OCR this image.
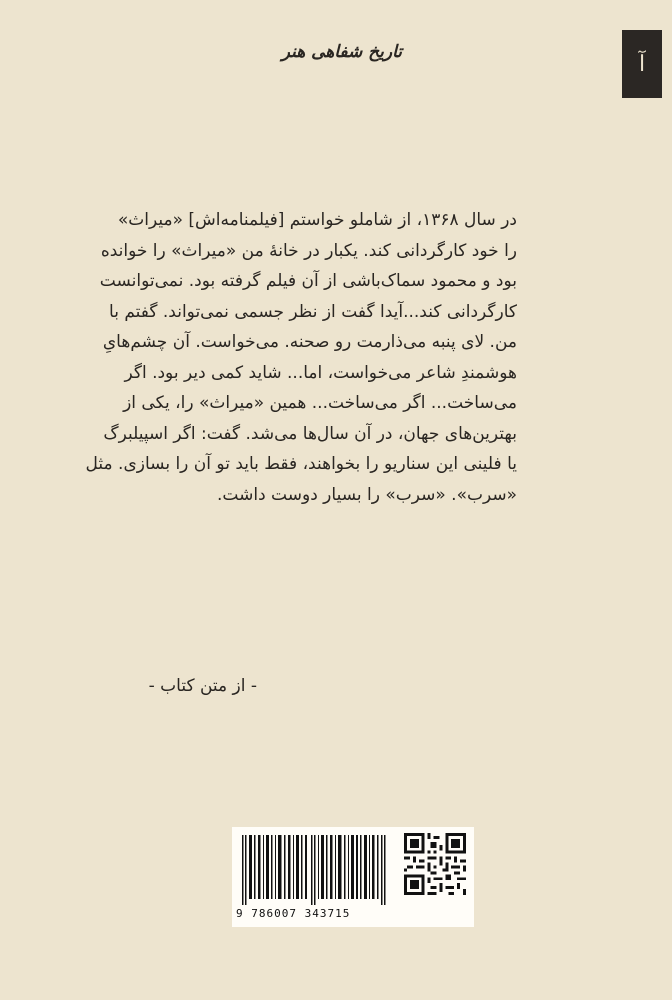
آ
تاریخ شفاهی هنر
در سال ۱۳۶۸، از شاملو خواستم [فیلمنامه‌اش] «میراث»
را خود کارگردانی کند. یکبار در خانهٔ من «میراث» را خوانده
بود و محمود سماک‌باشی از آن فیلم گرفته بود. نمی‌توانست
کارگردانی کند...آیدا گفت از نظر جسمی نمی‌تواند. گفتم با
من. لای پنبه می‌ذارمت رو صحنه. می‌خواست. آن چشم‌هایِ
هوشمندِ شاعر می‌خواست، اما... شاید کمی دیر بود. اگر
می‌ساخت... اگر می‌ساخت... همین «میراث» را، یکی از
بهترین‌های جهان، در آن سال‌ها می‌شد. گفت: اگر اسپیلبرگ
یا فلینی این سناریو را بخواهند، فقط باید تو آن را بسازی. مثل
«سرب». «سرب» را بسیار دوست داشت.
- از متن کتاب -
9 786007 343715
